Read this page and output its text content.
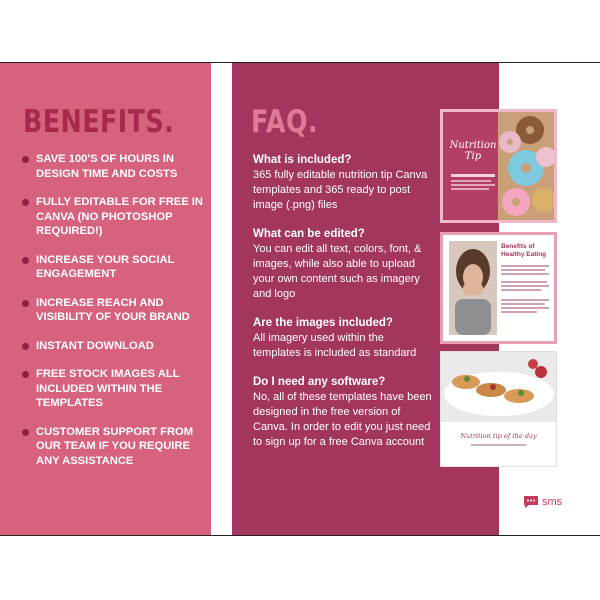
BENEFITS. FAQ.
SAVE 100'S OF HOURS IN DESIGN TIME AND COSTS
FULLY EDITABLE FOR FREE IN CANVA (NO PHOTOSHOP REQUIRED!)
INCREASE YOUR SOCIAL ENGAGEMENT
INCREASE REACH AND VISIBILITY OF YOUR BRAND
INSTANT DOWNLOAD
FREE STOCK IMAGES ALL INCLUDED WITHIN THE TEMPLATES
CUSTOMER SUPPORT FROM OUR TEAM IF YOU REQUIRE ANY ASSISTANCE

What is included?

365 fully editable nutrition tip Canva templates and 365 ready to post image (.png) files

What can be edited?

You can edit all text, colors, font, & images, while also able to upload your own content such as imagery and logo

Are the images included?

All imagery used within the templates is included as standard

Do I need any software?

No, all of these templates have been designed in the free version of Canva. In order to edit you just need to sign up for a free Canva account

Nutrition Tip
Benefits of Healthy Eating
Nutrition tip of the day
sms
